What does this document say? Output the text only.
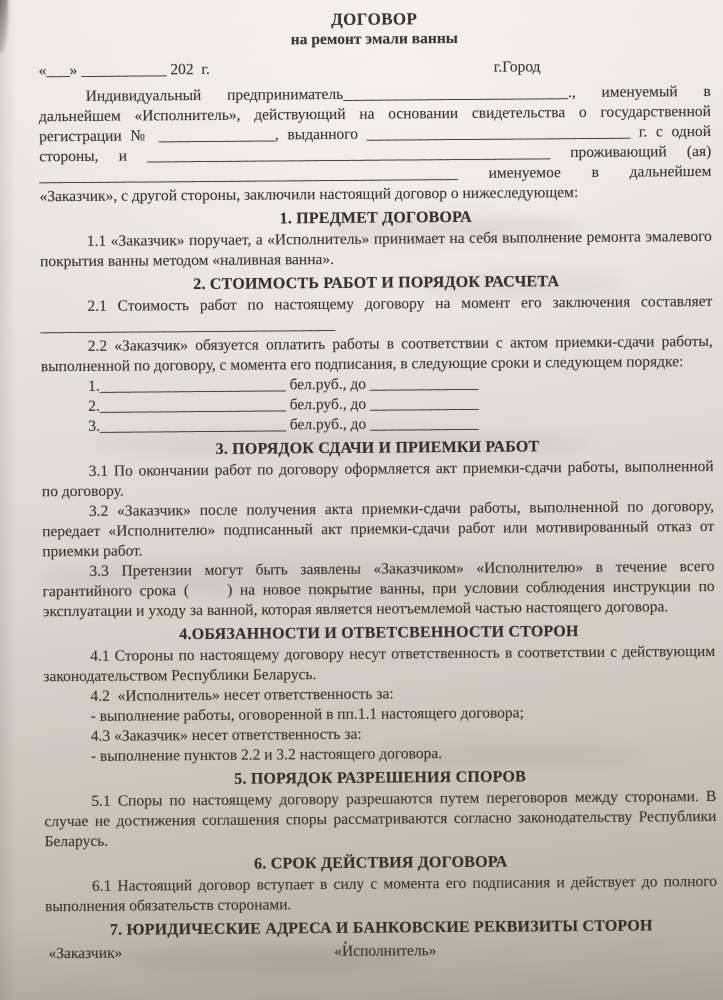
ДОГОВОР
на ремонт эмали ванны
«___» ___________ 202  г.	г.Город
Индивидуальный предприниматель_____________________________., именуемый в
дальнейшем «Исполнитель», действующий на основании свидетельства о государственной
регистрации № _______________, выданного __________________________________ г. с одной
стороны, и ____________________________________________________ проживающий (ая)
______________________________________________________ именуемое в дальнейшем
«Заказчик», с другой стороны, заключили настоящий договор о нижеследующем:
1. ПРЕДМЕТ ДОГОВОРА

1.1 «Заказчик» поручает, а «Исполнитель» принимает на себя выполнение ремонта эмалевого покрытия ванны методом «наливная ванна».

2. СТОИМОСТЬ РАБОТ И ПОРЯДОК РАСЧЕТА
2.1 Стоимость работ по настоящему договору на момент его заключения составляет
______________________________________

2.2 «Заказчик» обязуется оплатить работы в соответствии с актом приемки-сдачи работы, выполненной по договору, с момента его подписания, в следующие сроки и следующем порядке:

1.________________________ бел.руб., до ______________
2.________________________ бел.руб., до ______________
3.________________________ бел.руб., до ______________
3. ПОРЯДОК СДАЧИ И ПРИЕМКИ РАБОТ

3.1 По окончании работ по договору оформляется акт приемки-сдачи работы, выполненной по договору.

3.2 «Заказчик» после получения акта приемки-сдачи работы, выполненной по договору, передает «Исполнителю» подписанный акт приемки-сдачи работ или мотивированный отказ от приемки работ.

3.3 Претензии могут быть заявлены «Заказчиком» «Исполнителю» в течение всего гарантийного срока (     ) на новое покрытие ванны, при условии соблюдения инструкции по эксплуатации и уходу за ванной, которая является неотъемлемой частью настоящего договора.

4.ОБЯЗАННОСТИ И ОТВЕТСВЕННОСТИ СТОРОН

4.1 Стороны по настоящему договору несут ответственность в соответствии с действующим законодательством Республики Беларусь.

4.2  «Исполнитель» несет ответственность за:
- выполнение работы, оговоренной в пп.1.1 настоящего договора;
4.3 «Заказчик» несет ответственность за:
- выполнение пунктов 2.2 и 3.2 настоящего договора.
5. ПОРЯДОК РАЗРЕШЕНИЯ СПОРОВ

5.1 Споры по настоящему договору разрешаются путем переговоров между сторонами. В случае не достижения соглашения споры рассматриваются согласно законодательству Республики Беларусь.

6. СРОК ДЕЙСТВИЯ ДОГОВОРА

6.1 Настоящий договор вступает в силу с момента его подписания и действует до полного выполнения обязательств сторонами.

7. ЮРИДИЧЕСКИЕ АДРЕСА И БАНКОВСКИЕ РЕКВИЗИТЫ СТОРОН
«Заказчик»	«Исполнитель»
